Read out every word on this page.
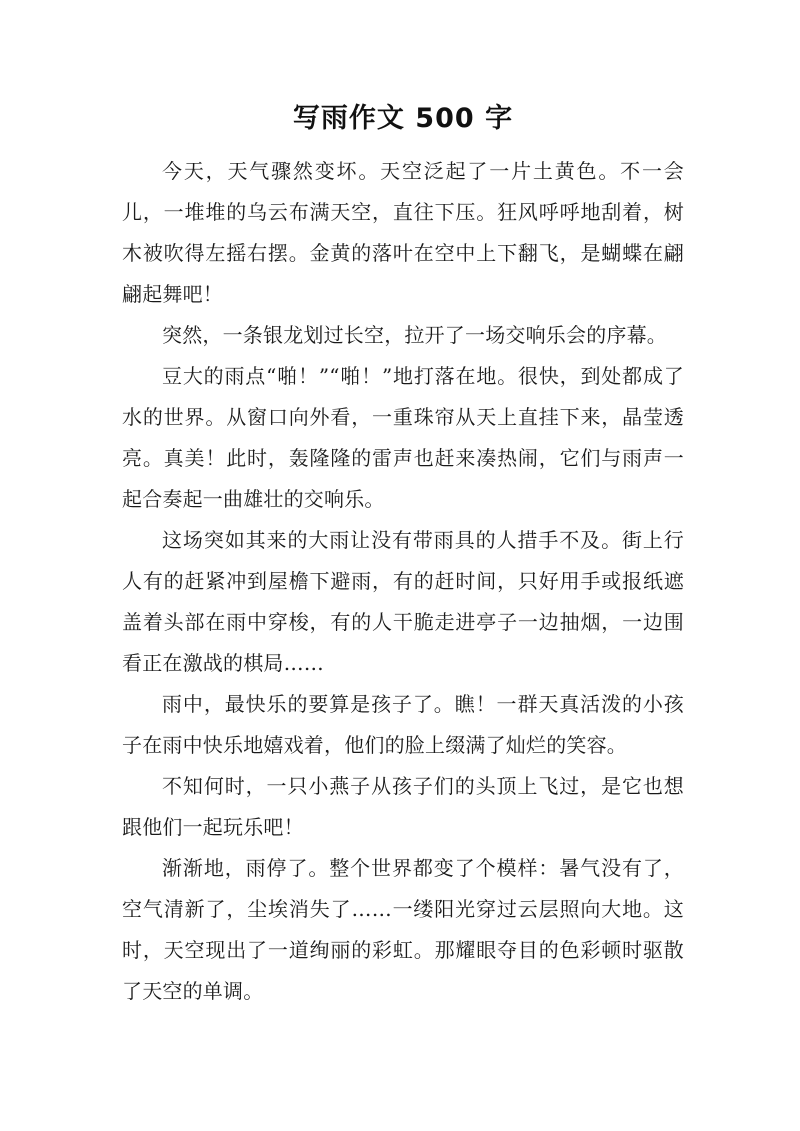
写雨作文 500 字

今天，天气骤然变坏。天空泛起了一片土黄色。不一会儿，一堆堆的乌云布满天空，直往下压。狂风呼呼地刮着，树木被吹得左摇右摆。金黄的落叶在空中上下翻飞，是蝴蝶在翩翩起舞吧！

突然，一条银龙划过长空，拉开了一场交响乐会的序幕。

豆大的雨点“啪！”“啪！”地打落在地。很快，到处都成了水的世界。从窗口向外看，一重珠帘从天上直挂下来，晶莹透亮。真美！此时，轰隆隆的雷声也赶来凑热闹，它们与雨声一起合奏起一曲雄壮的交响乐。

这场突如其来的大雨让没有带雨具的人措手不及。街上行人有的赶紧冲到屋檐下避雨，有的赶时间，只好用手或报纸遮盖着头部在雨中穿梭，有的人干脆走进亭子一边抽烟，一边围看正在激战的棋局……

雨中，最快乐的要算是孩子了。瞧！一群天真活泼的小孩子在雨中快乐地嬉戏着，他们的脸上缀满了灿烂的笑容。

不知何时，一只小燕子从孩子们的头顶上飞过，是它也想跟他们一起玩乐吧！

渐渐地，雨停了。整个世界都变了个模样：暑气没有了，空气清新了，尘埃消失了……一缕阳光穿过云层照向大地。这时，天空现出了一道绚丽的彩虹。那耀眼夺目的色彩顿时驱散了天空的单调。
